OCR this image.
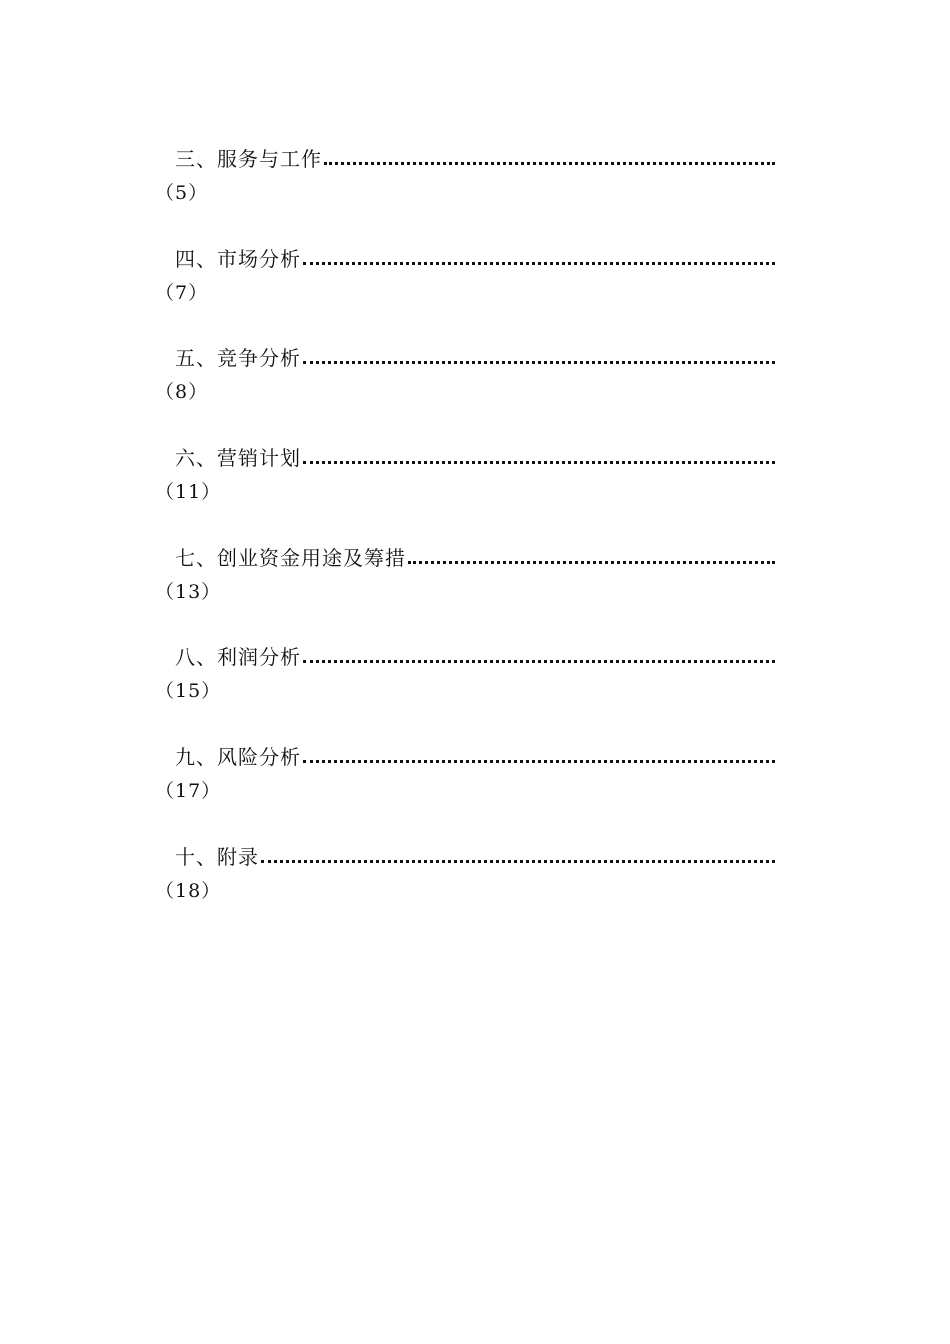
三、服务与工作
（5）
四、市场分析
（7）
五、竞争分析
（8）
六、营销计划
（11）
七、创业资金用途及筹措
（13）
八、利润分析
（15）
九、风险分析
（17）
十、附录
（18）
